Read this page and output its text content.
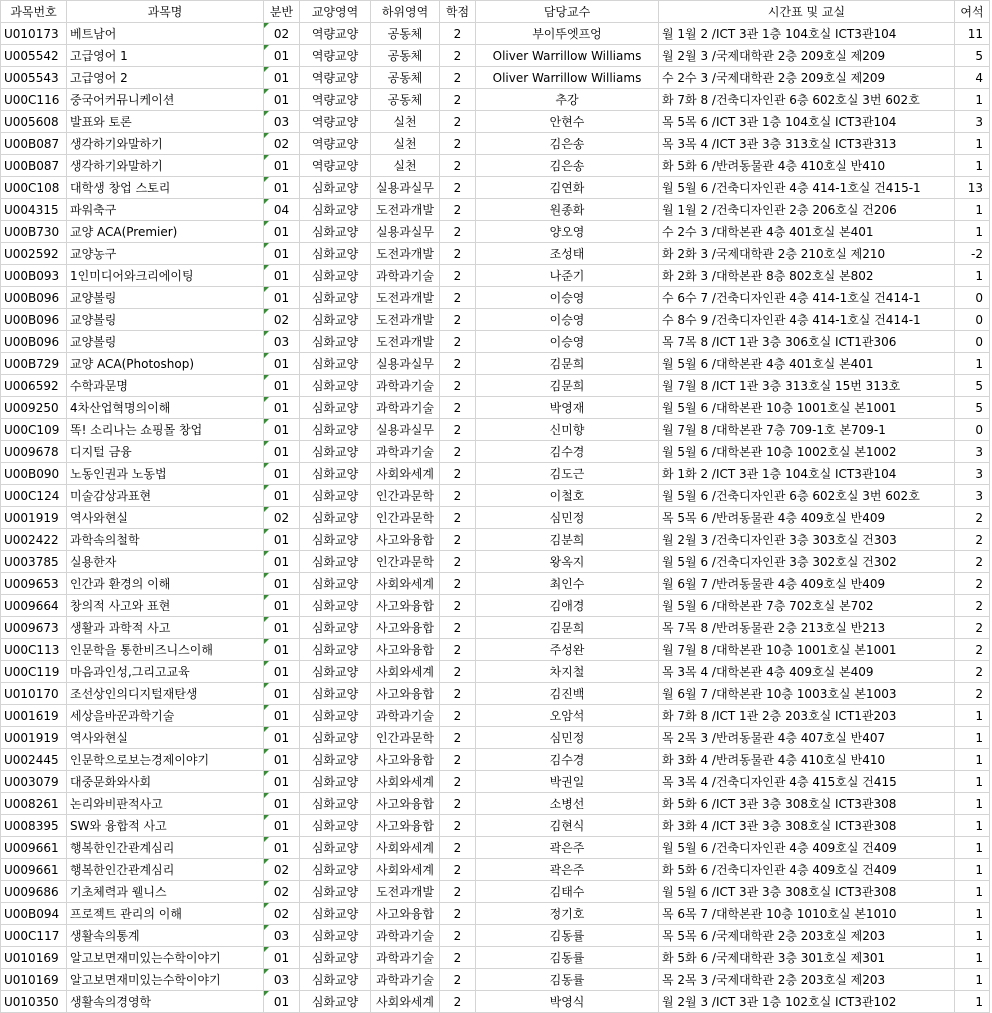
과목번호	과목명	분반	교양영역	하위영역	학점	담당교수	시간표 및 교실	여석
U010173	베트남어	02	역량교양	공동체	2	부이뚜엣프엉	월 1월 2 /ICT 3관 1층 104호실 ICT3관104	11
U005542	고급영어 1	01	역량교양	공동체	2	Oliver Warrillow Williams	월 2월 3 /국제대학관 2층 209호실 제209	5
U005543	고급영어 2	01	역량교양	공동체	2	Oliver Warrillow Williams	수 2수 3 /국제대학관 2층 209호실 제209	4
U00C116	중국어커뮤니케이션	01	역량교양	공동체	2	추강	화 7화 8 /건축디자인관 6층 602호실 3번 602호	1
U005608	발표와 토론	03	역량교양	실천	2	안현수	목 5목 6 /ICT 3관 1층 104호실 ICT3관104	3
U00B087	생각하기와말하기	02	역량교양	실천	2	김은송	목 3목 4 /ICT 3관 3층 313호실 ICT3관313	1
U00B087	생각하기와말하기	01	역량교양	실천	2	김은송	화 5화 6 /반려동물관 4층 410호실 반410	1
U00C108	대학생 창업 스토리	01	심화교양	실용과실무	2	김연화	월 5월 6 /건축디자인관 4층 414-1호실 건415-1	13
U004315	파워축구	04	심화교양	도전과개발	2	원종화	월 1월 2 /건축디자인관 2층 206호실 건206	1
U00B730	교양 ACA(Premier)	01	심화교양	실용과실무	2	양오영	수 2수 3 /대학본관 4층 401호실 본401	1
U002592	교양농구	01	심화교양	도전과개발	2	조성태	화 2화 3 /국제대학관 2층 210호실 제210	-2
U00B093	1인미디어와크리에이팅	01	심화교양	과학과기술	2	나준기	화 2화 3 /대학본관 8층 802호실 본802	1
U00B096	교양볼링	01	심화교양	도전과개발	2	이승영	수 6수 7 /건축디자인관 4층 414-1호실 건414-1	0
U00B096	교양볼링	02	심화교양	도전과개발	2	이승영	수 8수 9 /건축디자인관 4층 414-1호실 건414-1	0
U00B096	교양볼링	03	심화교양	도전과개발	2	이승영	목 7목 8 /ICT 1관 3층 306호실 ICT1관306	0
U00B729	교양 ACA(Photoshop)	01	심화교양	실용과실무	2	김문희	월 5월 6 /대학본관 4층 401호실 본401	1
U006592	수학과문명	01	심화교양	과학과기술	2	김문희	월 7월 8 /ICT 1관 3층 313호실 15번 313호	5
U009250	4차산업혁명의이해	01	심화교양	과학과기술	2	박영재	월 5월 6 /대학본관 10층 1001호실 본1001	5
U00C109	똑! 소리나는 쇼핑몰 창업	01	심화교양	실용과실무	2	신미향	월 7월 8 /대학본관 7층 709-1호 본709-1	0
U009678	디지털 금융	01	심화교양	과학과기술	2	김수경	월 5월 6 /대학본관 10층 1002호실 본1002	3
U00B090	노동인권과 노동법	01	심화교양	사회와세계	2	김도근	화 1화 2 /ICT 3관 1층 104호실 ICT3관104	3
U00C124	미술감상과표현	01	심화교양	인간과문학	2	이철호	월 5월 6 /건축디자인관 6층 602호실 3번 602호	3
U001919	역사와현실	02	심화교양	인간과문학	2	심민정	목 5목 6 /반려동물관 4층 409호실 반409	2
U002422	과학속의철학	01	심화교양	사고와융합	2	김분희	월 2월 3 /건축디자인관 3층 303호실 건303	2
U003785	실용한자	01	심화교양	인간과문학	2	왕옥지	월 5월 6 /건축디자인관 3층 302호실 건302	2
U009653	인간과 환경의 이해	01	심화교양	사회와세계	2	최인수	월 6월 7 /반려동물관 4층 409호실 반409	2
U009664	창의적 사고와 표현	01	심화교양	사고와융합	2	김애경	월 5월 6 /대학본관 7층 702호실 본702	2
U009673	생활과 과학적 사고	01	심화교양	사고와융합	2	김문희	목 7목 8 /반려동물관 2층 213호실 반213	2
U00C113	인문학을 통한비즈니스이해	01	심화교양	사고와융합	2	주성완	월 7월 8 /대학본관 10층 1001호실 본1001	2
U00C119	마음과인성,그리고교육	01	심화교양	사회와세계	2	차지철	목 3목 4 /대학본관 4층 409호실 본409	2
U010170	조선상인의디지털재탄생	01	심화교양	사고와융합	2	김진백	월 6월 7 /대학본관 10층 1003호실 본1003	2
U001619	세상을바꾼과학기술	01	심화교양	과학과기술	2	오암석	화 7화 8 /ICT 1관 2층 203호실 ICT1관203	1
U001919	역사와현실	01	심화교양	인간과문학	2	심민정	목 2목 3 /반려동물관 4층 407호실 반407	1
U002445	인문학으로보는경제이야기	01	심화교양	사고와융합	2	김수경	화 3화 4 /반려동물관 4층 410호실 반410	1
U003079	대중문화와사회	01	심화교양	사회와세계	2	박권일	목 3목 4 /건축디자인관 4층 415호실 건415	1
U008261	논리와비판적사고	01	심화교양	사고와융합	2	소병선	화 5화 6 /ICT 3관 3층 308호실 ICT3관308	1
U008395	SW와 융합적 사고	01	심화교양	사고와융합	2	김현식	화 3화 4 /ICT 3관 3층 308호실 ICT3관308	1
U009661	행복한인간관계심리	01	심화교양	사회와세계	2	곽은주	월 5월 6 /건축디자인관 4층 409호실 건409	1
U009661	행복한인간관계심리	02	심화교양	사회와세계	2	곽은주	화 5화 6 /건축디자인관 4층 409호실 건409	1
U009686	기초체력과 웰니스	02	심화교양	도전과개발	2	김태수	월 5월 6 /ICT 3관 3층 308호실 ICT3관308	1
U00B094	프로젝트 관리의 이해	02	심화교양	사고와융합	2	정기호	목 6목 7 /대학본관 10층 1010호실 본1010	1
U00C117	생활속의통계	03	심화교양	과학과기술	2	김동률	목 5목 6 /국제대학관 2층 203호실 제203	1
U010169	알고보면재미있는수학이야기	01	심화교양	과학과기술	2	김동률	화 5화 6 /국제대학관 3층 301호실 제301	1
U010169	알고보면재미있는수학이야기	03	심화교양	과학과기술	2	김동률	목 2목 3 /국제대학관 2층 203호실 제203	1
U010350	생활속의경영학	01	심화교양	사회와세계	2	박영식	월 2월 3 /ICT 3관 1층 102호실 ICT3관102	1
